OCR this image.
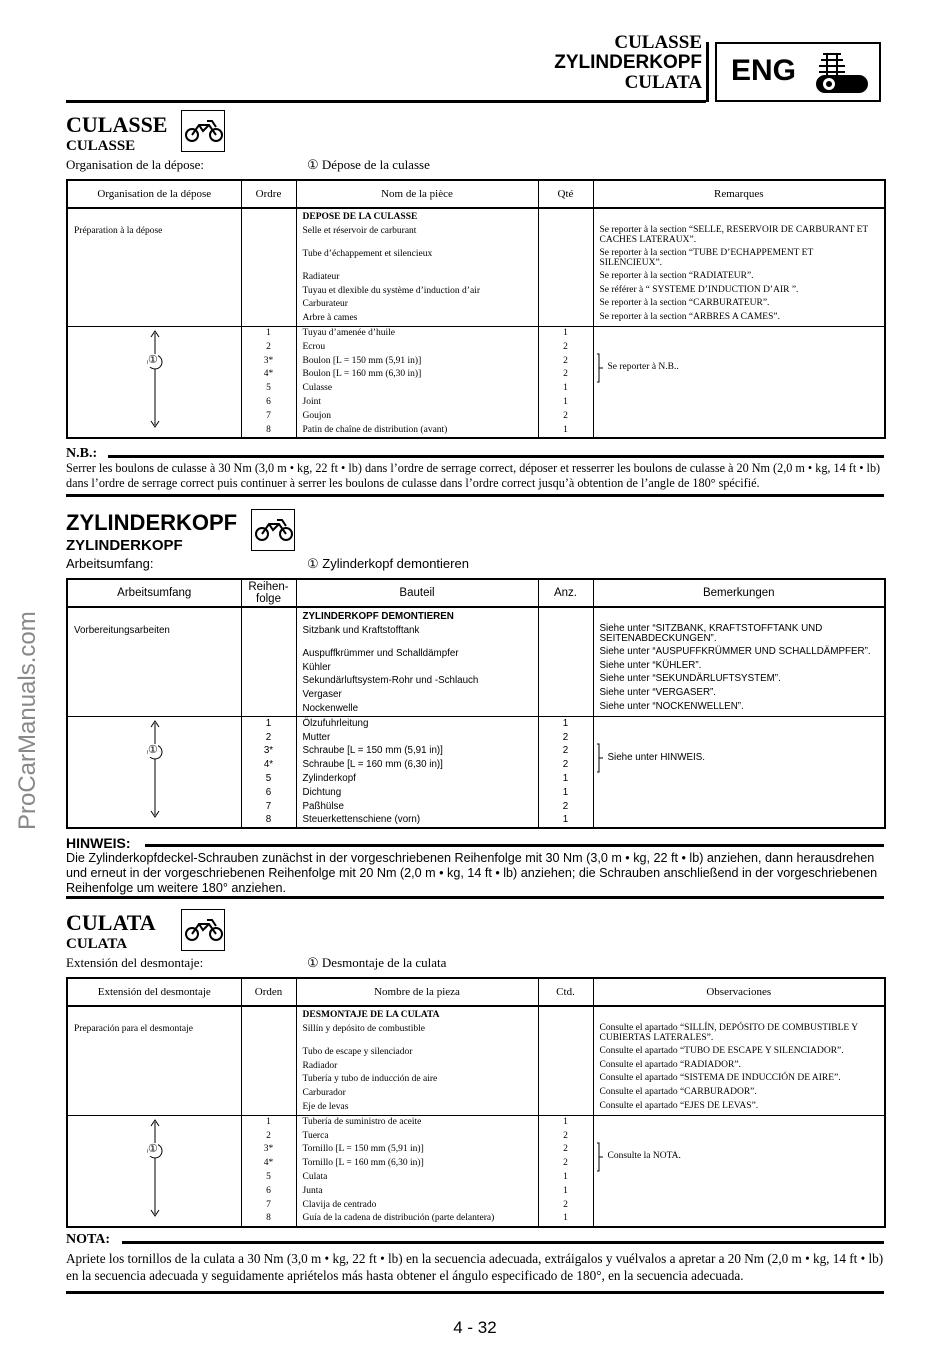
CULASSE
ZYLINDERKOPF
CULATA ENG
ProCarManuals.com
CULASSE
CULASSE
Organisation de la dépose:	① Dépose de la culasse
Organisation de la dépose	Ordre	Nom de la pièce	Qté	Remarques
		DEPOSE DE LA CULASSE		
Préparation à la dépose		Selle et réservoir de carburant		Se reporter à la section “SELLE, RESERVOIR DE CARBURANT ET CACHES LATERAUX”.
		Tube d’échappement et silencieux		Se reporter à la section “TUBE D’ECHAPPEMENT ET SILENCIEUX”.
		Radiateur		Se reporter à la section “RADIATEUR”.
		Tuyau et dlexible du système d’induction d’air		Se référer à “ SYSTEME D’INDUCTION D’AIR ”.
		Carburateur		Se reporter à la section “CARBURATEUR”.
		Arbre à cames		Se reporter à la section “ARBRES A CAMES”.

①	1	Tuyau d’amenée d’huile	1	Se reporter à N.B..

	2	Ecrou	2	
	3*	Boulon [L = 150 mm (5,91 in)]	2	
	4*	Boulon [L = 160 mm (6,30 in)]	2	
	5	Culasse	1	
	6	Joint	1	
	7	Goujon	2	
	8	Patin de chaîne de distribution (avant)	1	
N.B.:
Serrer les boulons de culasse à 30 Nm (3,0 m • kg, 22 ft • lb) dans l’ordre de serrage correct, déposer et resserrer les boulons de culasse à 20 Nm (2,0 m • kg, 14 ft • lb) dans l’ordre de serrage correct puis continuer à serrer les boulons de culasse dans l’ordre correct jusqu’à obtention de l’angle de 180° spécifié.
ZYLINDERKOPF
ZYLINDERKOPF
Arbeitsumfang:	① Zylinderkopf demontieren
Arbeitsumfang	Reihen-folge	Bauteil	Anz.	Bemerkungen
		ZYLINDERKOPF DEMONTIEREN		
Vorbereitungsarbeiten		Sitzbank und Kraftstofftank		Siehe unter “SITZBANK, KRAFTSTOFFTANK UND SEITENABDECKUNGEN”.
		Auspuffkrümmer und Schalldämpfer		Siehe unter “AUSPUFFKRÜMMER UND SCHALLDÄMPFER”.
		Kühler		Siehe unter “KÜHLER”.
		Sekundärluftsystem-Rohr und -Schlauch		Siehe unter “SEKUNDÄRLUFTSYSTEM”.
		Vergaser		Siehe unter “VERGASER”.
		Nockenwelle		Siehe unter “NOCKENWELLEN”.

①	1	Ölzufuhrleitung	1	Siehe unter HINWEIS.

	2	Mutter	2	
	3*	Schraube [L = 150 mm (5,91 in)]	2	
	4*	Schraube [L = 160 mm (6,30 in)]	2	
	5	Zylinderkopf	1	
	6	Dichtung	1	
	7	Paßhülse	2	
	8	Steuerkettenschiene (vorn)	1	
HINWEIS:
Die Zylinderkopfdeckel-Schrauben zunächst in der vorgeschriebenen Reihenfolge mit 30 Nm (3,0 m • kg, 22 ft • lb) anziehen, dann herausdrehen und erneut in der vorgeschriebenen Reihenfolge mit 20 Nm (2,0 m • kg, 14 ft • lb) anziehen; die Schrauben anschließend in der vorgeschriebenen Reihenfolge um weitere 180° anziehen.
CULATA
CULATA
Extensión del desmontaje:	① Desmontaje de la culata
Extensión del desmontaje	Orden	Nombre de la pieza	Ctd.	Observaciones
		DESMONTAJE DE LA CULATA		
Preparación para el desmontaje		Sillín y depósito de combustible		Consulte el apartado “SILLÍN, DEPÓSITO DE COMBUSTIBLE Y CUBIERTAS LATERALES”.
		Tubo de escape y silenciador		Consulte el apartado “TUBO DE ESCAPE Y SILENCIADOR”.
		Radiador		Consulte el apartado “RADIADOR”.
		Tubería y tubo de inducción de aire		Consulte el apartado “SISTEMA DE INDUCCIÓN DE AIRE”.
		Carburador		Consulte el apartado “CARBURADOR”.
		Eje de levas		Consulte el apartado “EJES DE LEVAS”.

①	1	Tubería de suministro de aceite	1	Consulte la NOTA.

	2	Tuerca	2	
	3*	Tornillo [L = 150 mm (5,91 in)]	2	
	4*	Tornillo [L = 160 mm (6,30 in)]	2	
	5	Culata	1	
	6	Junta	1	
	7	Clavija de centrado	2	
	8	Guía de la cadena de distribución (parte delantera)	1	
NOTA:
Apriete los tornillos de la culata a 30 Nm (3,0 m • kg, 22 ft • lb) en la secuencia adecuada, extráigalos y vuélvalos a apretar a 20 Nm (2,0 m • kg, 14 ft • lb) en la secuencia adecuada y seguidamente apriételos más hasta obtener el ángulo especificado de 180°, en la secuencia adecuada.
4 - 32
